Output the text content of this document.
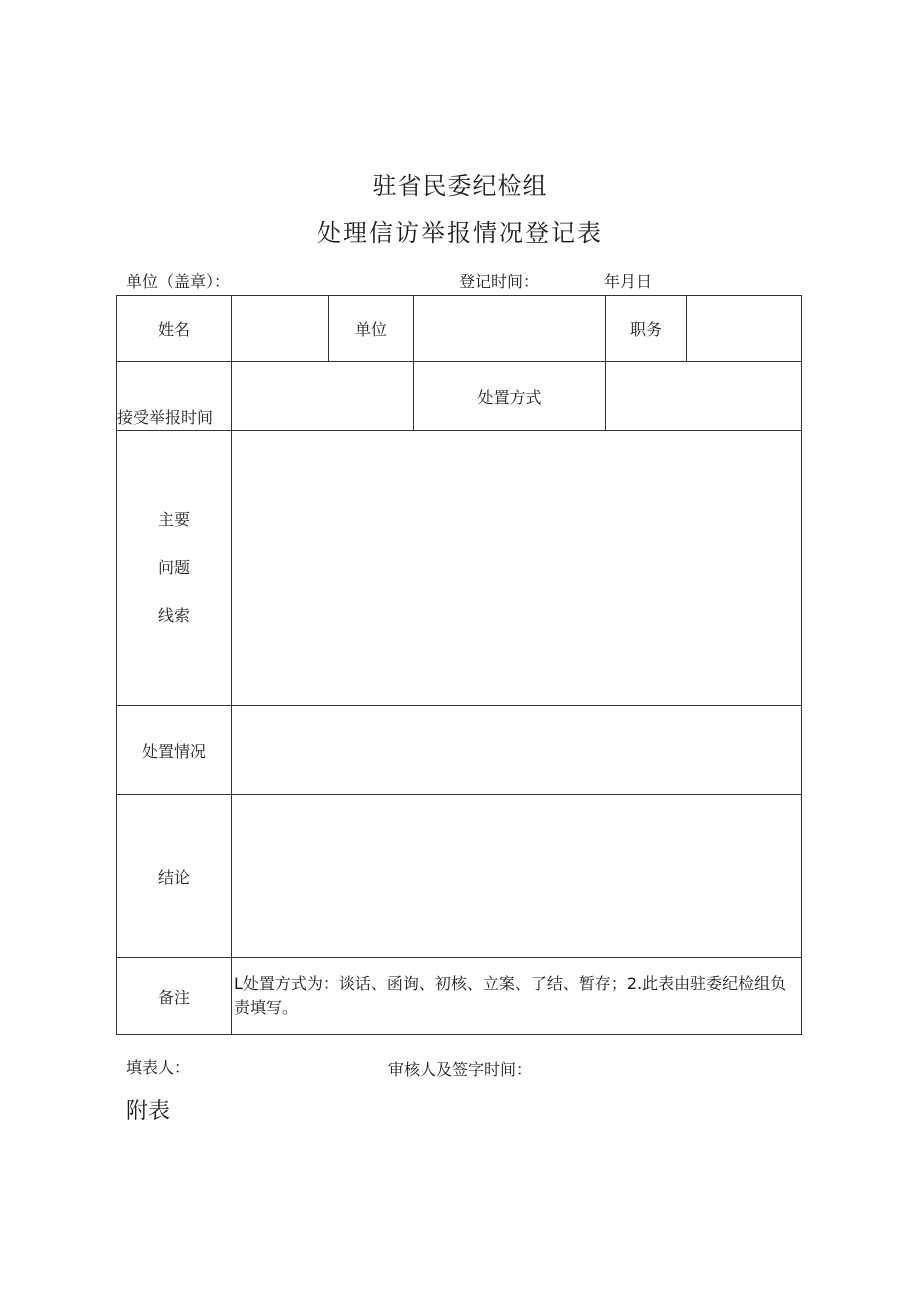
驻省民委纪检组
处理信访举报情况登记表
单位（盖章）：	登记时间：	年月日
姓名		单位		职务	
接受举报时间			处置方式		

主要
问题
线索					

处置情况					
结论					
备注	L处置方式为：谈话、函询、初核、立案、了结、暂存；2.此表由驻委纪检组负责填写。				
填表人：	审核人及签字时间：
附表
